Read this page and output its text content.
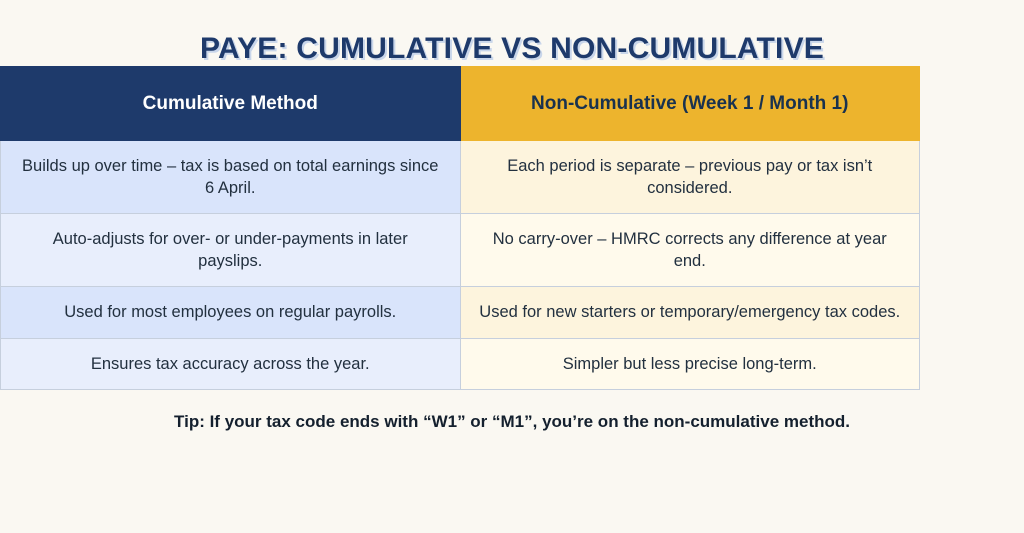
PAYE: CUMULATIVE VS NON-CUMULATIVE
Cumulative Method	Non-Cumulative (Week 1 / Month 1)
Builds up over time – tax is based on total earnings since 6 April.	Each period is separate – previous pay or tax isn’t considered.
Auto-adjusts for over- or under-payments in later payslips.	No carry-over – HMRC corrects any difference at year end.
Used for most employees on regular payrolls.	Used for new starters or temporary/emergency tax codes.
Ensures tax accuracy across the year.	Simpler but less precise long-term.
Tip: If your tax code ends with “W1” or “M1”, you’re on the non-cumulative method.
